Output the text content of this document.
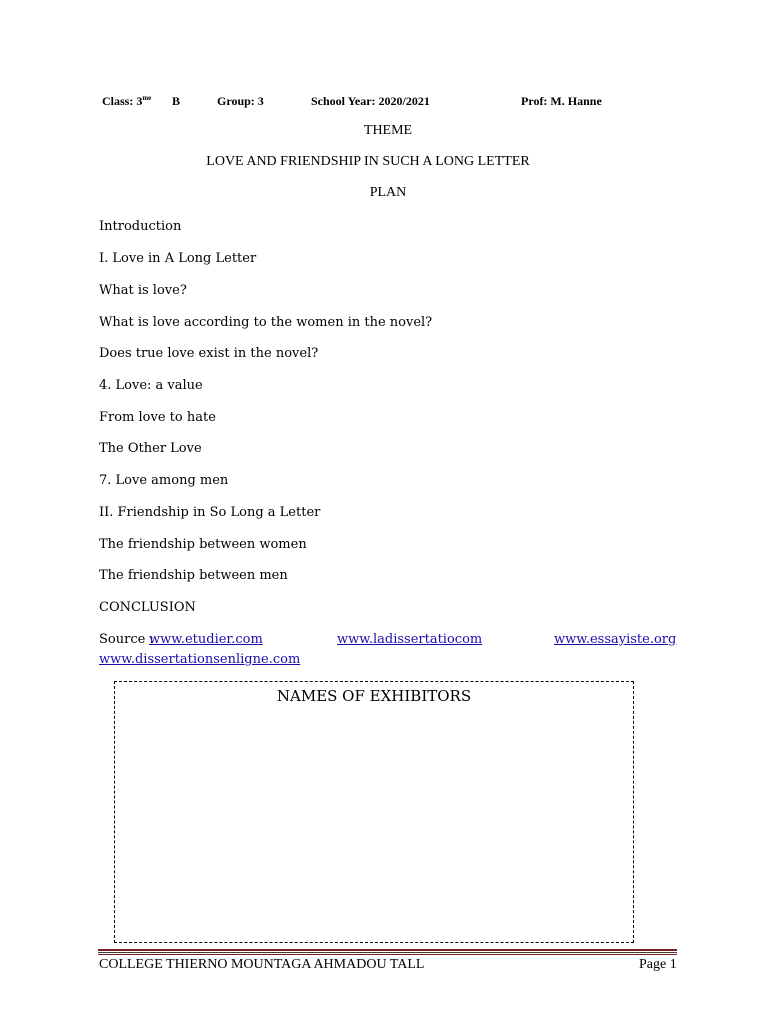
Class: $3^{me}$ B	Group: 3	School Year: 2020/2021	Prof: M. Hanne
THEME
LOVE AND FRIENDSHIP IN SUCH A LONG LETTER
PLAN
Introduction
I. Love in A Long Letter
What is love?
What is love according to the women in the novel?
Does true love exist in the novel?
4. Love: a value
From love to hate
The Other Love
7. Love among men
II. Friendship in So Long a Letter
The friendship between women
The friendship between men
CONCLUSION
Source :
www.etudier.com	www.ladissertatiocom	www.essayiste.org
www.dissertationsenligne.com
NAMES OF EXHIBITORS
COLLEGE THIERNO MOUNTAGA AHMADOU TALL	Page 1
